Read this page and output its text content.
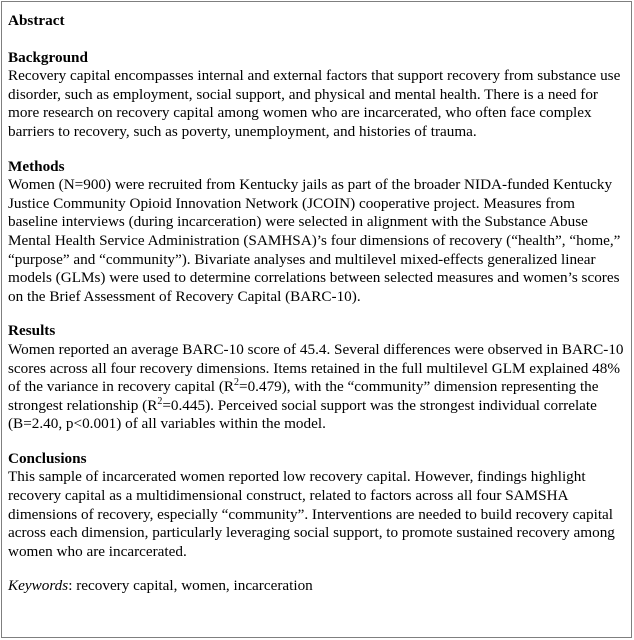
Abstract
Background

Recovery capital encompasses internal and external factors that support recovery from substance use disorder, such as employment, social support, and physical and mental health. There is a need for more research on recovery capital among women who are incarcerated, who often face complex barriers to recovery, such as poverty, unemployment, and histories of trauma.

Methods

Women (N=900) were recruited from Kentucky jails as part of the broader NIDA-funded Kentucky Justice Community Opioid Innovation Network (JCOIN) cooperative project. Measures from baseline interviews (during incarceration) were selected in alignment with the Substance Abuse Mental Health Service Administration (SAMHSA)’s four dimensions of recovery (“health”, “home,” “purpose” and “community”). Bivariate analyses and multilevel mixed-effects generalized linear models (GLMs) were used to determine correlations between selected measures and women’s scores on the Brief Assessment of Recovery Capital (BARC-10).

Results

Women reported an average BARC-10 score of 45.4. Several differences were observed in BARC-10 scores across all four recovery dimensions. Items retained in the full multilevel GLM explained 48% of the variance in recovery capital $(R^2=0.479)$, with the “community” dimension representing the strongest relationship $(R^2=0.445)$. Perceived social support was the strongest individual correlate (B=2.40, p<0.001) of all variables within the model.

Conclusions

This sample of incarcerated women reported low recovery capital. However, findings highlight recovery capital as a multidimensional construct, related to factors across all four SAMSHA dimensions of recovery, especially “community”. Interventions are needed to build recovery capital across each dimension, particularly leveraging social support, to promote sustained recovery among women who are incarcerated.

Keywords: recovery capital, women, incarceration
